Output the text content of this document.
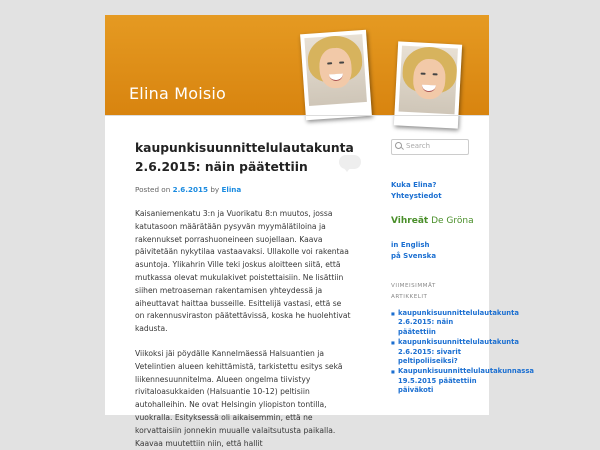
Elina Moisio
kaupunkisuunnittelulautakunta
2.6.2015: näin päätettiin
Posted on 2.6.2015 by Elina

Kaisaniemenkatu 3:n ja Vuorikatu 8:n muutos, jossa katutasoon määrätään pysyvän myymälätiloina ja rakennukset porrashuoneineen suojellaan. Kaava päivitetään nykytilaa vastaavaksi. Ullakolle voi rakentaa asuntoja. Ylikahrin Ville teki joskus aloitteen siitä, että mutkassa olevat mukulakivet poistettaisiin. Ne lisättiin siihen metroaseman rakentamisen yhteydessä ja aiheuttavat haittaa busseille. Esittelijä vastasi, että se on rakennusviraston päätettävissä, koska he huolehtivat kadusta.

Viikoksi jäi pöydälle Kannelmäessä Halsuantien ja Vetelintien alueen kehittämistä, tarkistettu esitys sekä liikennesuunnitelma. Alueen ongelma tiivistyy rivitaloasukkaiden (Halsuantie 10-12) peltisiin autohalleihin. Ne ovat Helsingin yliopiston tontilla, vuokralla. Esityksessä oli aikaisemmin, että ne korvattaisiin jonnekin muualle valaitsutusta paikalla. Kaavaa muutettiin niin, että hallit

Search
Kuka Elina?
Yhteystiedot
Vihreät De Gröna
in English
på Svenska
VIIMEISIMMÄT
ARTIKKELIT
■ kaupunkisuunnittelulautakunta 2.6.2015: näin päätettiin
■ kaupunkisuunnittelulautakunta 2.6.2015: sivarit peltipoliiseiksi?
■ Kaupunkisuunnittelulautakunnassa 19.5.2015 päätettiin päiväkoti
